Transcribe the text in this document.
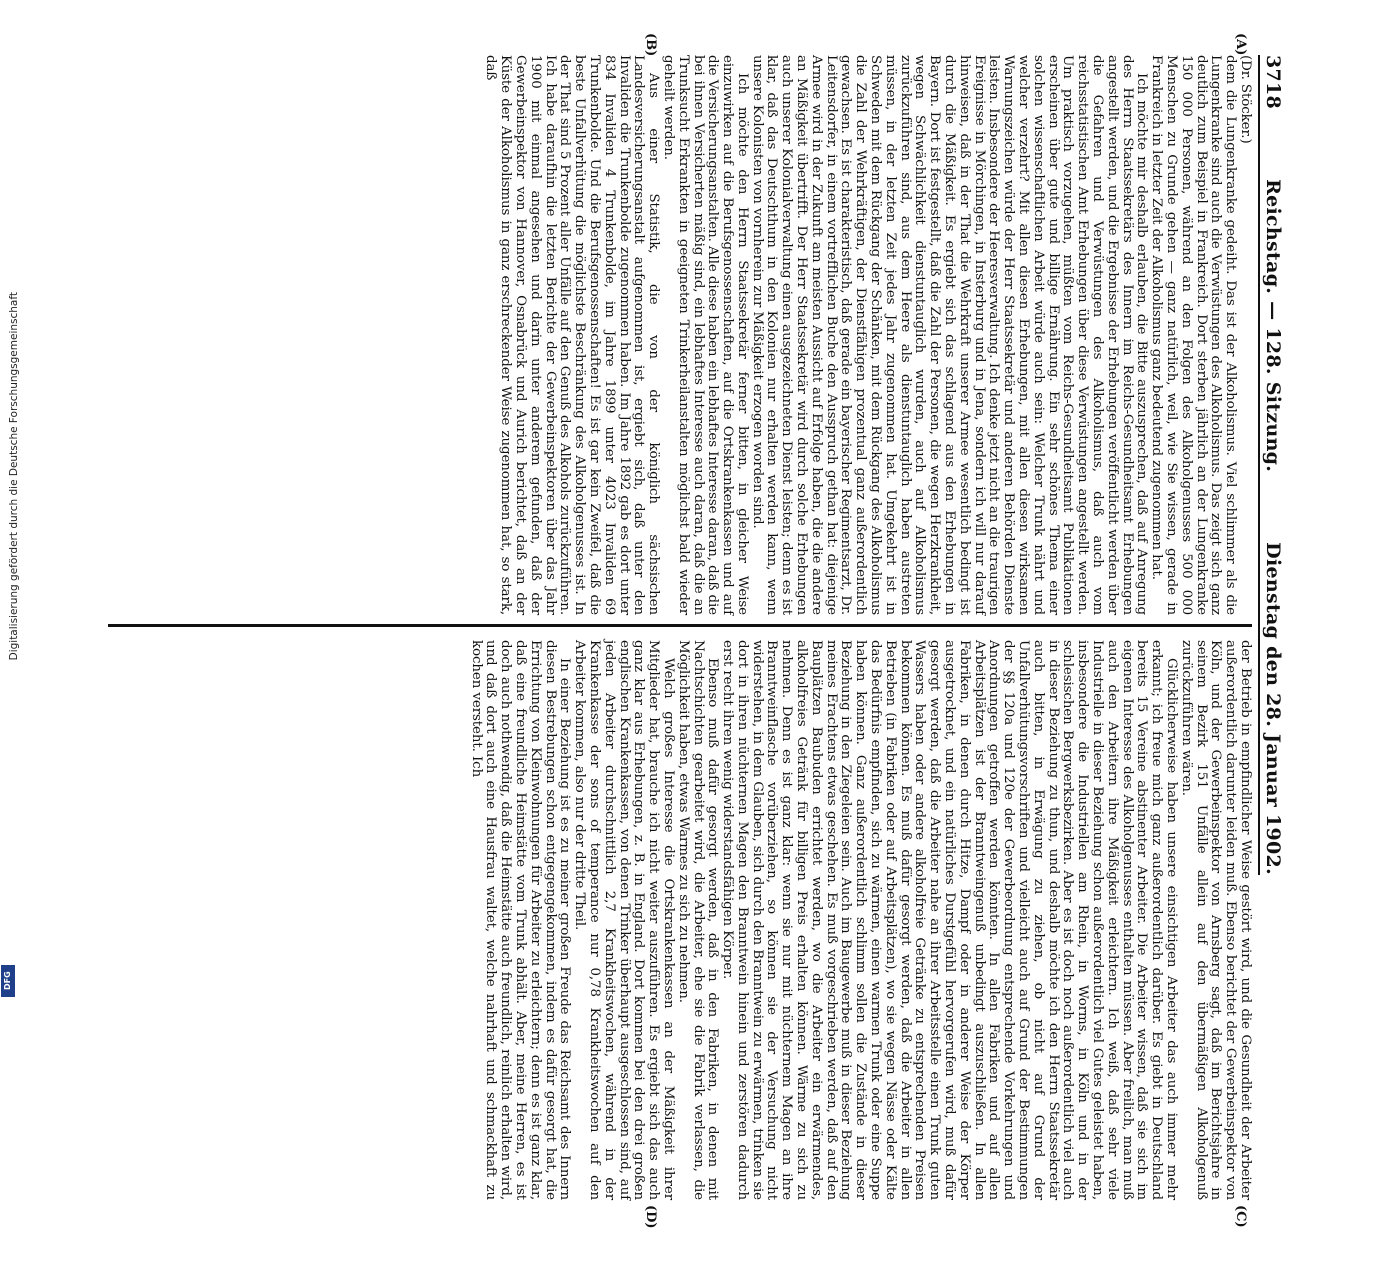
3718
Reichstag. — 128. Sitzung.
Dienstag den 28. Januar 1902.
(A)
(B)
(C)
(D)

(Dr. Stöcker.)

dem die Lungenkranke gedeiht. Das ist der Alkoholismus. Viel schlimmer als die Lungenkranke sind auch die Verwüstungen des Alkoholismus. Das zeigt sich ganz deutlich zum Beispiel in Frankreich. Dort sterben jährlich an der Lungenkranke 150 000 Personen, während an den Folgen des Alkoholgenusses 500 000 Menschen zu Grunde gehen — ganz natürlich, weil, wie Sie wissen, gerade in Frankreich in letzter Zeit der Alkoholismus ganz bedeutend zugenommen hat.

Ich möchte mir deshalb erlauben, die Bitte auszusprechen, daß auf Anregung des Herrn Staatssekretärs des Innern im Reichs-Gesundheitsamt Erhebungen angestellt werden, und die Ergebnisse der Erhebungen veröffentlicht werden über die Gefahren und Verwüstungen des Alkoholismus, daß auch vom reichsstatistischen Amt Erhebungen über diese Verwüstungen angestellt werden. Um praktisch vorzugehen, müßten vom Reichs-Gesundheitsamt Publikationen erscheinen über gute und billige Ernährung. Ein sehr schönes Thema einer solchen wissenschaftlichen Arbeit würde auch sein: Welcher Trunk nährt und welcher verzehrt? Mit allen diesen Erhebungen, mit allen diesen wirksamen Warnungszeichen würde der Herr Staatssekretär und anderen Behörden Dienste leisten. Insbesondere der Heeresverwaltung. Ich denke jetzt nicht an die traurigen Ereignisse in Mörchingen, in Insterburg und in Jena, sondern ich will nur darauf hinweisen, daß in der That die Wehrkraft unserer Armee wesentlich bedingt ist durch die Mäßigkeit. Es ergiebt sich das schlagend aus den Erhebungen in Bayern. Dort ist festgestellt, daß die Zahl der Personen, die wegen Herzkrankheit, wegen Schwächlichkeit dienstuntauglich wurden, auch auf Alkoholismus zurückzuführen sind, aus dem Heere als dienstuntauglich haben austreten müssen, in der letzten Zeit jedes Jahr zugenommen hat. Umgekehrt ist in Schweden mit dem Rückgang der Schänken, mit dem Rückgang des Alkoholismus die Zahl der Wehrkräftigen, der Dienstfähigen prozentual ganz außerordentlich gewachsen. Es ist charakteristisch, daß gerade ein bayerischer Regimentsarzt, Dr. Leitensdorfer, in einem vortrefflichen Buche den Ausspruch gethan hat: diejenige Armee wird in der Zukunft am meisten Aussicht auf Erfolge haben, die die andere an Mäßigkeit übertrifft. Der Herr Staatssekretär wird durch solche Erhebungen auch unserer Kolonialverwaltung einen ausgezeichneten Dienst leisten; denn es ist klar, daß das Deutschthum in den Kolonien nur erhalten werden kann, wenn unsere Kolonisten von vornherein zur Mäßigkeit erzogen worden sind.

Ich möchte den Herrn Staatssekretär ferner bitten, in gleicher Weise einzuwirken auf die Berufsgenossenschaften, auf die Ortskrankenkassen und auf die Versicherungsanstalten. Alle diese haben ein lebhaftes Interesse daran, daß die bei ihnen Versicherten mäßig sind, ein lebhaftes Interesse auch daran, daß die an Trunksucht Erkrankten in geeigneten Trinkerheilanstalten möglichst bald wieder geheilt werden.

Aus einer Statistik, die von der königlich sächsischen Landesversicherungsanstalt aufgenommen ist, ergiebt sich, daß unter den Invaliden die Trunkenbolde zugenommen haben. Im Jahre 1892 gab es dort unter 834 Invaliden 4 Trunkenbolde, im Jahre 1899 unter 4023 Invaliden 69 Trunkenbolde. Und die Berufsgenossenschaften! Es ist gar kein Zweifel, daß die beste Unfallverhütung die möglichste Beschränkung des Alkoholgenusses ist. In der That sind 5 Prozent aller Unfälle auf den Genuß des Alkohols zurückzuführen. Ich habe daraufhin die letzten Berichte der Gewerbeinspektoren über das Jahr 1900 mit einmal angesehen und darin unter anderem gefunden, daß der Gewerbeinspektor von Hannover, Osnabrück und Aurich berichtet, daß an der Küste der Alkoholismus in ganz erschreckender Weise zugenommen hat, so stark, daß

der Betrieb in empfindlicher Weise gestört wird, und die Gesundheit der Arbeiter außerordentlich darunter leiden muß. Ebenso berichtet der Gewerbeinspektor von Köln, und der Gewerbeinspektor von Arnsberg sagt, daß im Berichtsjahre in seinem Bezirk 151 Unfälle allein auf den übermäßigen Alkoholgenuß zurückzuführen wären.

Glücklicherweise haben unsere einsichtigen Arbeiter das auch immer mehr erkannt; ich freue mich ganz außerordentlich darüber. Es giebt in Deutschland bereits 15 Vereine abstinenter Arbeiter. Die Arbeiter wissen, daß sie sich im eigenen Interesse des Alkoholgenusses enthalten müssen. Aber freilich, man muß auch den Arbeitern ihre Mäßigkeit erleichtern. Ich weiß, daß sehr viele Industrielle in dieser Beziehung schon außerordentlich viel Gutes geleistet haben, insbesondere die Industriellen am Rhein, in Worms, in Köln und in der schlesischen Bergwerksbezirken. Aber es ist doch noch außerordentlich viel auch in dieser Beziehung zu thun, und deshalb möchte ich den Herrn Staatssekretär auch bitten, in Erwägung zu ziehen, ob nicht auf Grund der Unfallverhütungsvorschriften und vielleicht auch auf Grund der Bestimmungen der §§ 120a und 120e der Gewerbeordnung entsprechende Vorkehrungen und Anordnungen getroffen werden könnten. In allen Fabriken und auf allen Arbeitsplätzen ist der Branntweingenuß unbedingt auszuschließen. In allen Fabriken, in denen durch Hitze, Dampf oder in anderer Weise der Körper ausgetrocknet, und ein natürliches Durstgefühl hervorgerufen wird, muß dafür gesorgt werden, daß die Arbeiter nahe an ihrer Arbeitsstelle einen Trunk guten Wassers haben oder andere alkoholfreie Getränke zu entsprechenden Preisen bekommen können. Es muß dafür gesorgt werden, daß die Arbeiter in allen Betrieben (in Fabriken oder auf Arbeitsplätzen), wo sie wegen Nässe oder Kälte das Bedürfnis empfinden, sich zu wärmen, einen warmen Trunk oder eine Suppe haben können. Ganz außerordentlich schlimm sollen die Zustände in dieser Beziehung in den Ziegeleien sein. Auch im Baugewerbe muß in dieser Beziehung meines Erachtens etwas geschehen. Es muß vorgeschrieben werden, daß auf den Bauplätzen Baubuden errichtet werden, wo die Arbeiter ein erwärmendes, alkoholfreies Getränk für billigen Preis erhalten können. Wärme zu sich zu nehmen. Denn es ist ganz klar: wenn sie nur mit nüchternem Magen an ihre Branntweinflasche vorüberziehen, so können sie der Versuchung nicht widerstehen, in dem Glauben, sich durch den Branntwein zu erwärmen, trinken sie dort in ihren nüchternen Magen den Branntwein hinein und zerstören dadurch erst recht ihren wenig widerstandsfähigen Körper.

Ebenso muß dafür gesorgt werden, daß in den Fabriken, in denen mit Nachtschichten gearbeitet wird, die Arbeiter, ehe sie die Fabrik verlassen, die Möglichkeit haben, etwas Warmes zu sich zu nehmen.

Welch großes Interesse die Ortskrankenkassen an der Mäßigkeit ihrer Mitglieder hat, brauche ich nicht weiter auszuführen. Es ergiebt sich das auch ganz klar aus Erhebungen, z. B. in England. Dort kommen bei den drei großen englischen Krankenkassen, von denen Trinker überhaupt ausgeschlossen sind, auf jeden Arbeiter durchschnittlich 2,7 Krankheitswochen, während in der Krankenkasse der sons of temperance nur 0,78 Krankheitswochen auf den Arbeiter kommen, also nur der dritte Theil.

In einer Beziehung ist es zu meiner großen Freude das Reichsamt des Innern diesen Bestrebungen schon entgegengekommen, indem es dafür gesorgt hat, die Errichtung von Kleinwohnungen für Arbeiter zu erleichtern; denn es ist ganz klar, daß eine freundliche Heimstätte vom Trunk abhält. Aber, meine Herren, es ist doch auch nothwendig, daß die Heimstätte auch freundlich, reinlich erhalten wird, und daß dort auch eine Hausfrau waltet, welche nahrhaft und schmackhaft zu kochen versteht. Ich

Digitalisierung gefördert durch die Deutsche Forschungsgemeinschaft
DFG
